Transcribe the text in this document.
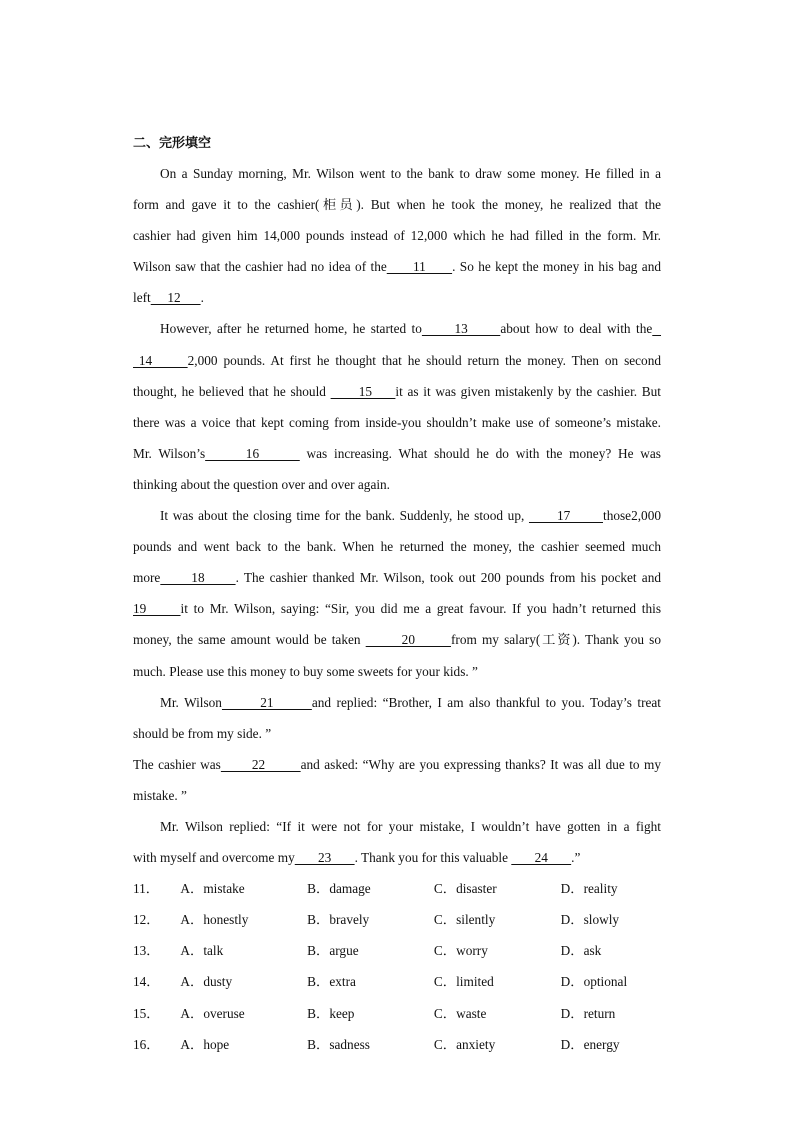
二、完形填空
On a Sunday morning, Mr. Wilson went to the bank to draw some money. He filled in a
form and gave it to the cashier(柜员). But when he took the money, he realized that the
cashier had given him 14,000 pounds instead of 12,000 which he had filled in the form. Mr.
Wilson saw that the cashier had no idea of the      11      . So he kept the money in his bag and
left     12      .
However, after he returned home, he started to      13      about how to deal with the
14      2,000 pounds. At first he thought that he should return the money. Then on second
thought, he believed that he should       15     it as it was given mistakenly by the cashier. But
there was a voice that kept coming from inside-you shouldn’t make use of someone’s mistake.
Mr. Wilson’s      16       was increasing. What should he do with the money? He was
thinking about the question over and over again.
It was about the closing time for the bank. Suddenly, he stood up,       17       those2,000
pounds and went back to the bank. When he returned the money, the cashier seemed much
more      18      . The cashier thanked Mr. Wilson, took out 200 pounds from his pocket and
19      it to Mr. Wilson, saying: “Sir, you did me a great favour. If you hadn’t returned this
money, the same amount would be taken        20       from my salary(工资). Thank you so
much. Please use this money to buy some sweets for your kids. ”
Mr. Wilson       21       and replied: “Brother, I am also thankful to you. Today’s treat
should be from my side. ”
The cashier was       22        and asked: “Why are you expressing thanks? It was all due to my
mistake. ”
Mr. Wilson replied: “If it were not for your mistake, I wouldn’t have gotten in a fight
with myself and overcome my       23       . Thank you for this valuable        24       .”
11．	A．mistake	B．damage	C．disaster	D．reality
12．	A．honestly	B．bravely	C．silently	D．slowly
13．	A．talk	B．argue	C．worry	D．ask
14．	A．dusty	B．extra	C．limited	D．optional
15．	A．overuse	B．keep	C．waste	D．return
16．	A．hope	B．sadness	C．anxiety	D．energy
